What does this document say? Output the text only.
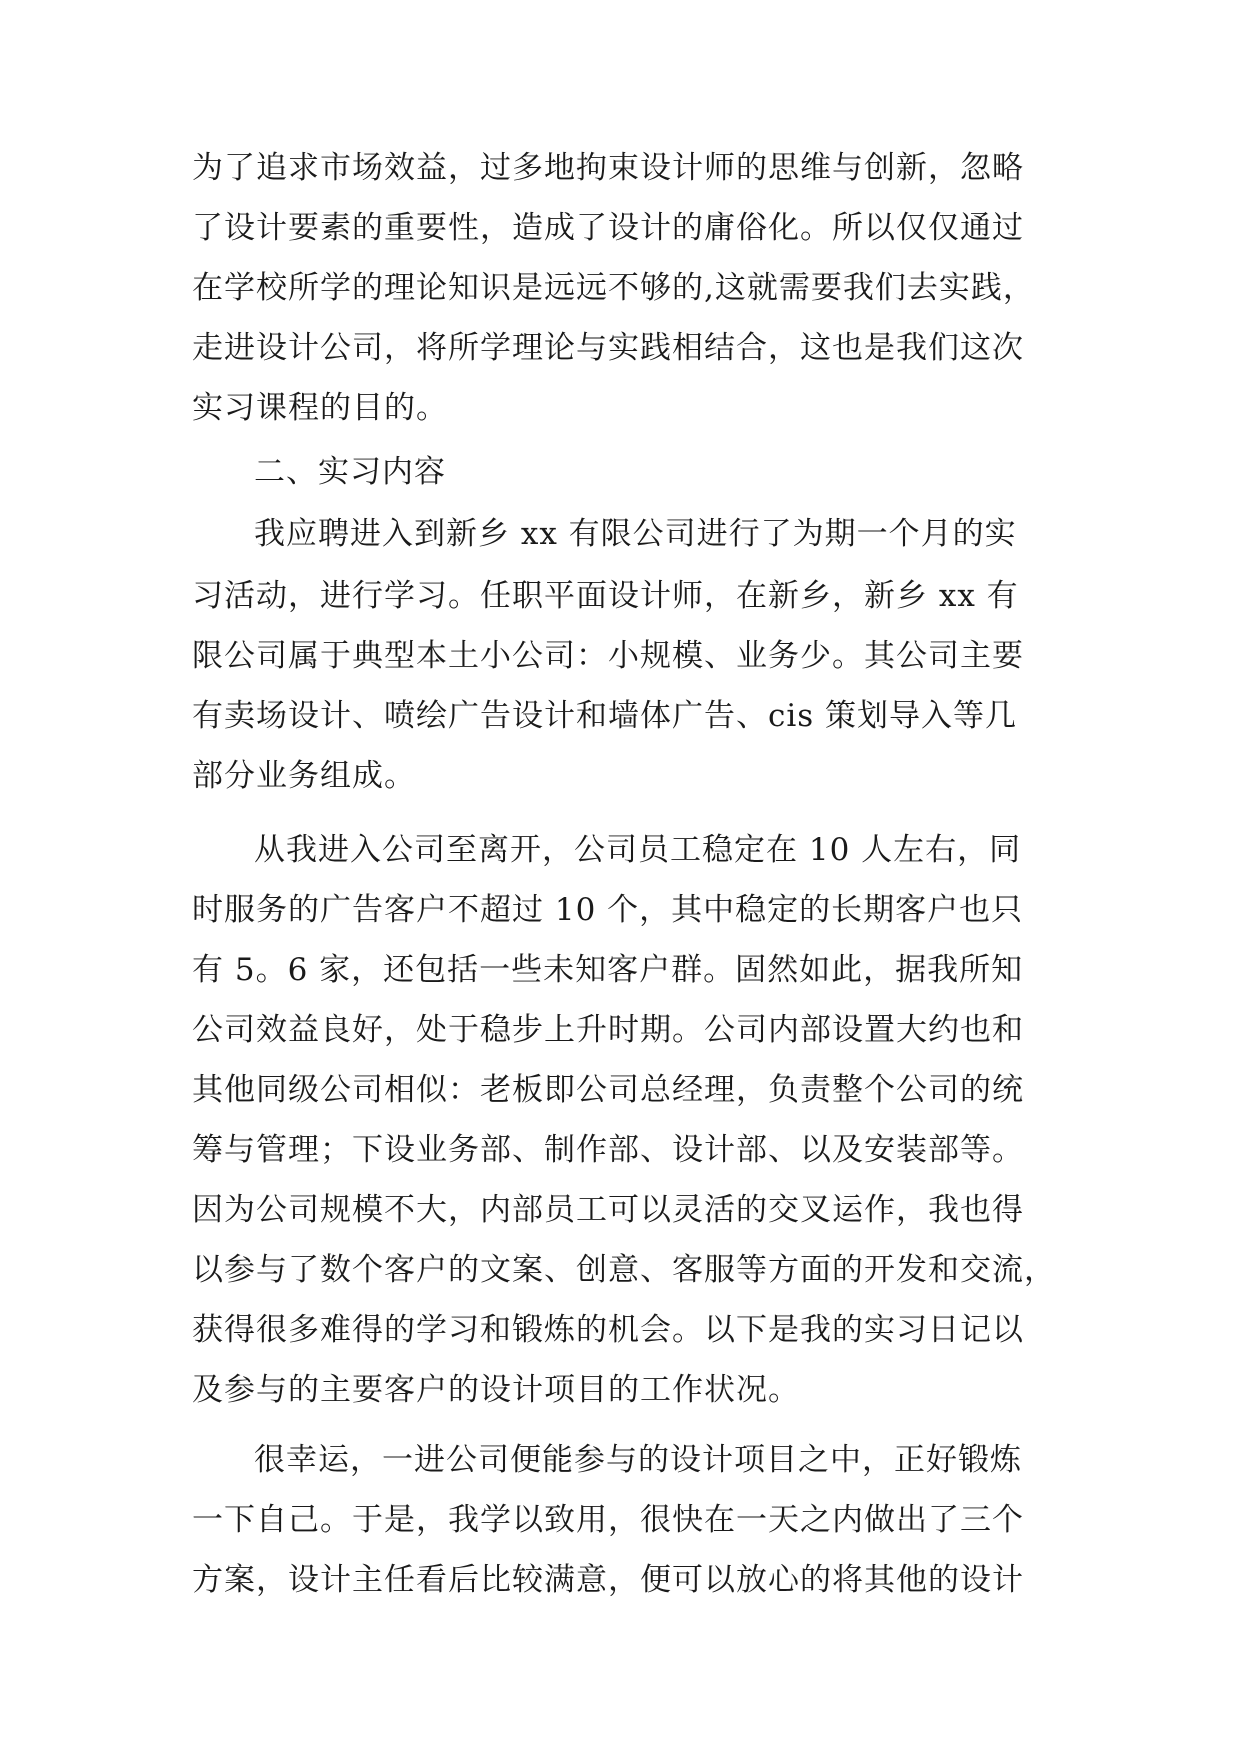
为了追求市场效益，过多地拘束设计师的思维与创新，忽略
了设计要素的重要性，造成了设计的庸俗化。所以仅仅通过
在学校所学的理论知识是远远不够的,这就需要我们去实践，
走进设计公司，将所学理论与实践相结合，这也是我们这次
实习课程的目的。
二、实习内容
我应聘进入到新乡 xx 有限公司进行了为期一个月的实
习活动，进行学习。任职平面设计师，在新乡，新乡 xx 有
限公司属于典型本土小公司：小规模、业务少。其公司主要
有卖场设计、喷绘广告设计和墙体广告、cis 策划导入等几
部分业务组成。
从我进入公司至离开，公司员工稳定在 10 人左右，同
时服务的广告客户不超过 10 个，其中稳定的长期客户也只
有 5。6 家，还包括一些未知客户群。固然如此，据我所知
公司效益良好，处于稳步上升时期。公司内部设置大约也和
其他同级公司相似：老板即公司总经理，负责整个公司的统
筹与管理；下设业务部、制作部、设计部、以及安装部等。
因为公司规模不大，内部员工可以灵活的交叉运作，我也得
以参与了数个客户的文案、创意、客服等方面的开发和交流，
获得很多难得的学习和锻炼的机会。以下是我的实习日记以
及参与的主要客户的设计项目的工作状况。
很幸运，一进公司便能参与的设计项目之中，正好锻炼
一下自己。于是，我学以致用，很快在一天之内做出了三个
方案，设计主任看后比较满意，便可以放心的将其他的设计
